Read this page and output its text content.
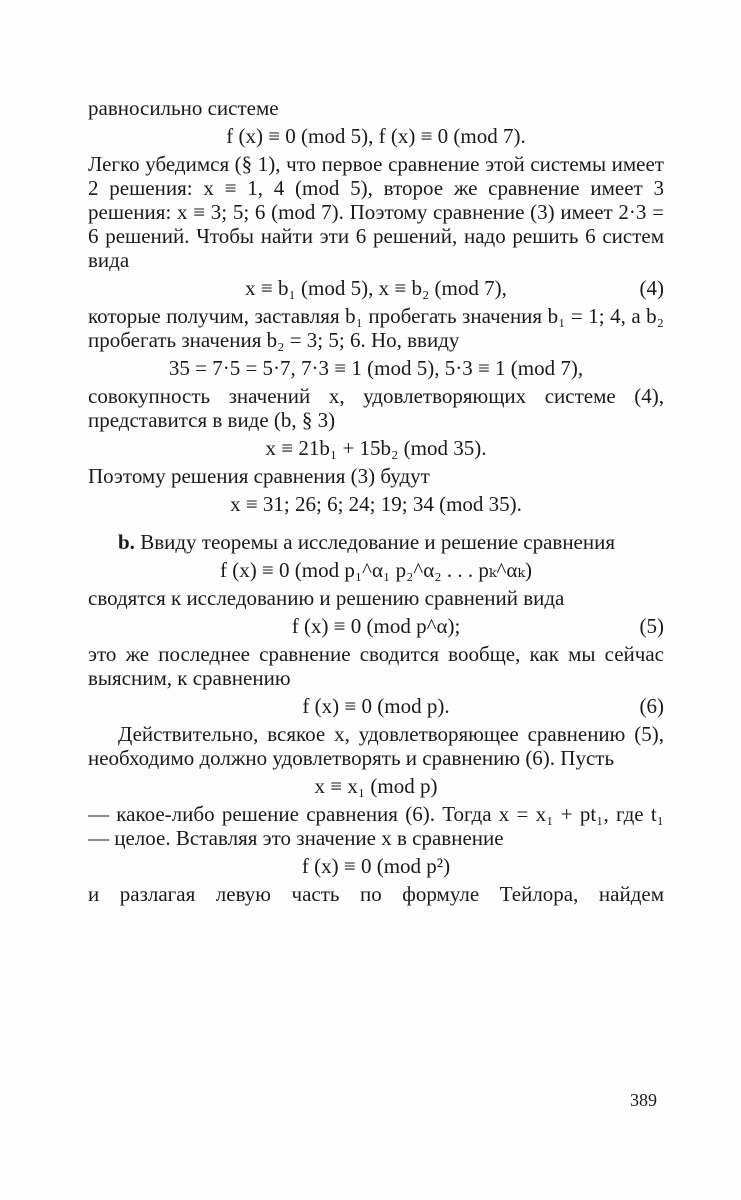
равносильно системе

f (x) ≡ 0 (mod 5), f (x) ≡ 0 (mod 7).

Легко убедимся (§ 1), что первое сравнение этой системы имеет 2 решения: x ≡ 1, 4 (mod 5), второе же сравнение имеет 3 решения: x ≡ 3; 5; 6 (mod 7). Поэтому сравнение (3) имеет 2·3 = 6 решений. Чтобы найти эти 6 решений, надо решить 6 систем вида

x ≡ b₁ (mod 5), x ≡ b₂ (mod 7),	(4)

которые получим, заставляя b₁ пробегать значения b₁ = 1; 4, а b₂ пробегать значения b₂ = 3; 5; 6. Но, ввиду

35 = 7·5 = 5·7, 7·3 ≡ 1 (mod 5), 5·3 ≡ 1 (mod 7),

совокупность значений x, удовлетворяющих системе (4), представится в виде (b, § 3)

x ≡ 21b₁ + 15b₂ (mod 35).

Поэтому решения сравнения (3) будут

x ≡ 31; 26; 6; 24; 19; 34 (mod 35).

b. Ввиду теоремы a исследование и решение сравнения

f (x) ≡ 0 (mod p₁^α₁ p₂^α₂ . . . pₖ^αₖ)

сводятся к исследованию и решению сравнений вида

f (x) ≡ 0 (mod p^α);	(5)

это же последнее сравнение сводится вообще, как мы сейчас выясним, к сравнению

f (x) ≡ 0 (mod p).	(6)

Действительно, всякое x, удовлетворяющее сравнению (5), необходимо должно удовлетворять и сравнению (6). Пусть

x ≡ x₁ (mod p)

— какое-либо решение сравнения (6). Тогда x = x₁ + pt₁, где t₁ — целое. Вставляя это значение x в сравнение

f (x) ≡ 0 (mod p²)

и разлагая левую часть по формуле Тейлора, найдем

389
